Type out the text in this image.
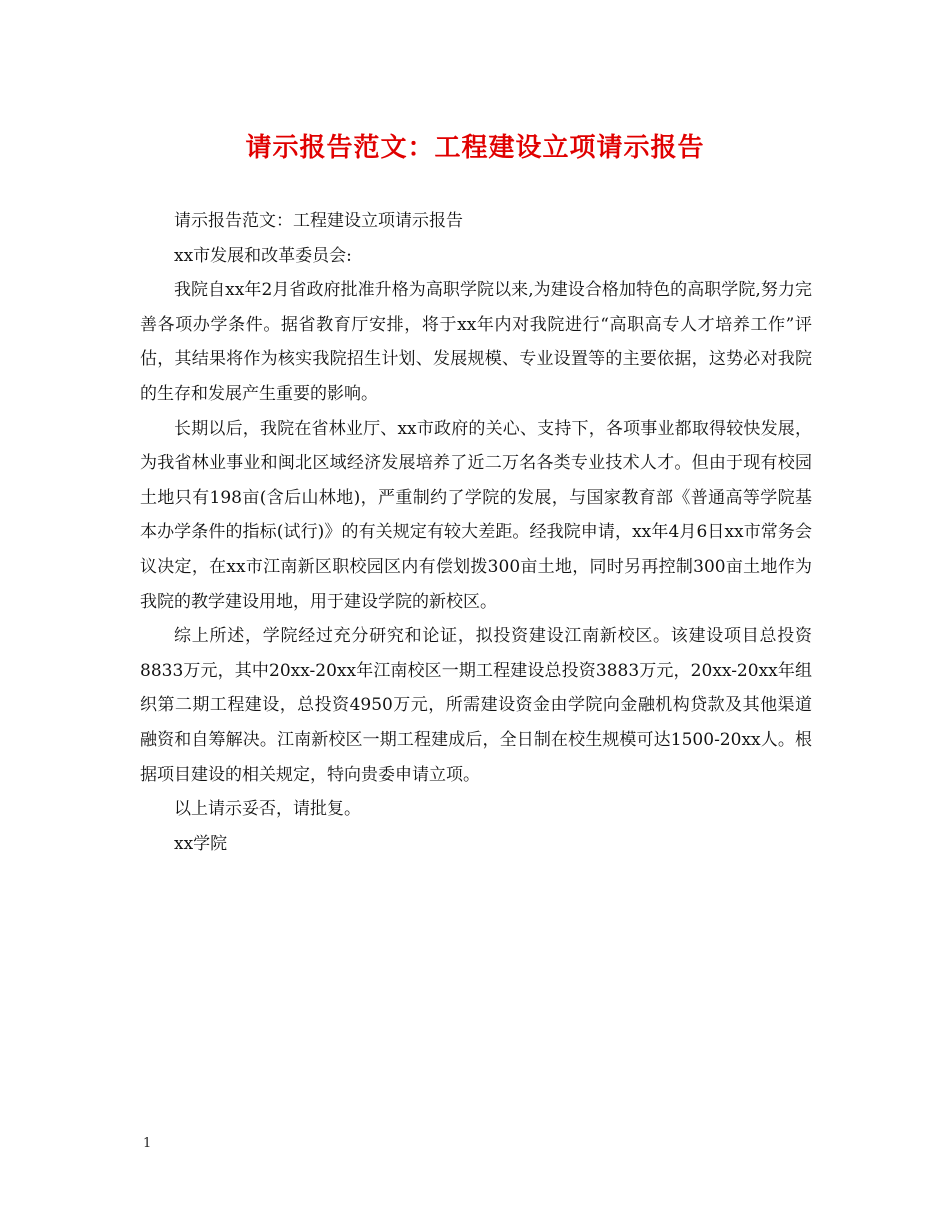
请示报告范文：工程建设立项请示报告

请示报告范文：工程建设立项请示报告

xx市发展和改革委员会:

我院自xx年2月省政府批准升格为高职学院以来,为建设合格加特色的高职学院,努力完善各项办学条件。据省教育厅安排，将于xx年内对我院进行“高职高专人才培养工作”评估，其结果将作为核实我院招生计划、发展规模、专业设置等的主要依据，这势必对我院的生存和发展产生重要的影响。

长期以后，我院在省林业厅、xx市政府的关心、支持下，各项事业都取得较快发展，为我省林业事业和闽北区域经济发展培养了近二万名各类专业技术人才。但由于现有校园土地只有198亩(含后山林地)，严重制约了学院的发展，与国家教育部《普通高等学院基本办学条件的指标(试行)》的有关规定有较大差距。经我院申请，xx年4月6日xx市常务会议决定，在xx市江南新区职校园区内有偿划拨300亩土地，同时另再控制300亩土地作为我院的教学建设用地，用于建设学院的新校区。

综上所述，学院经过充分研究和论证，拟投资建设江南新校区。该建设项目总投资8833万元，其中20xx-20xx年江南校区一期工程建设总投资3883万元，20xx-20xx年组织第二期工程建设，总投资4950万元，所需建设资金由学院向金融机构贷款及其他渠道融资和自筹解决。江南新校区一期工程建成后，全日制在校生规模可达1500-20xx人。根据项目建设的相关规定，特向贵委申请立项。

以上请示妥否，请批复。

xx学院

1
